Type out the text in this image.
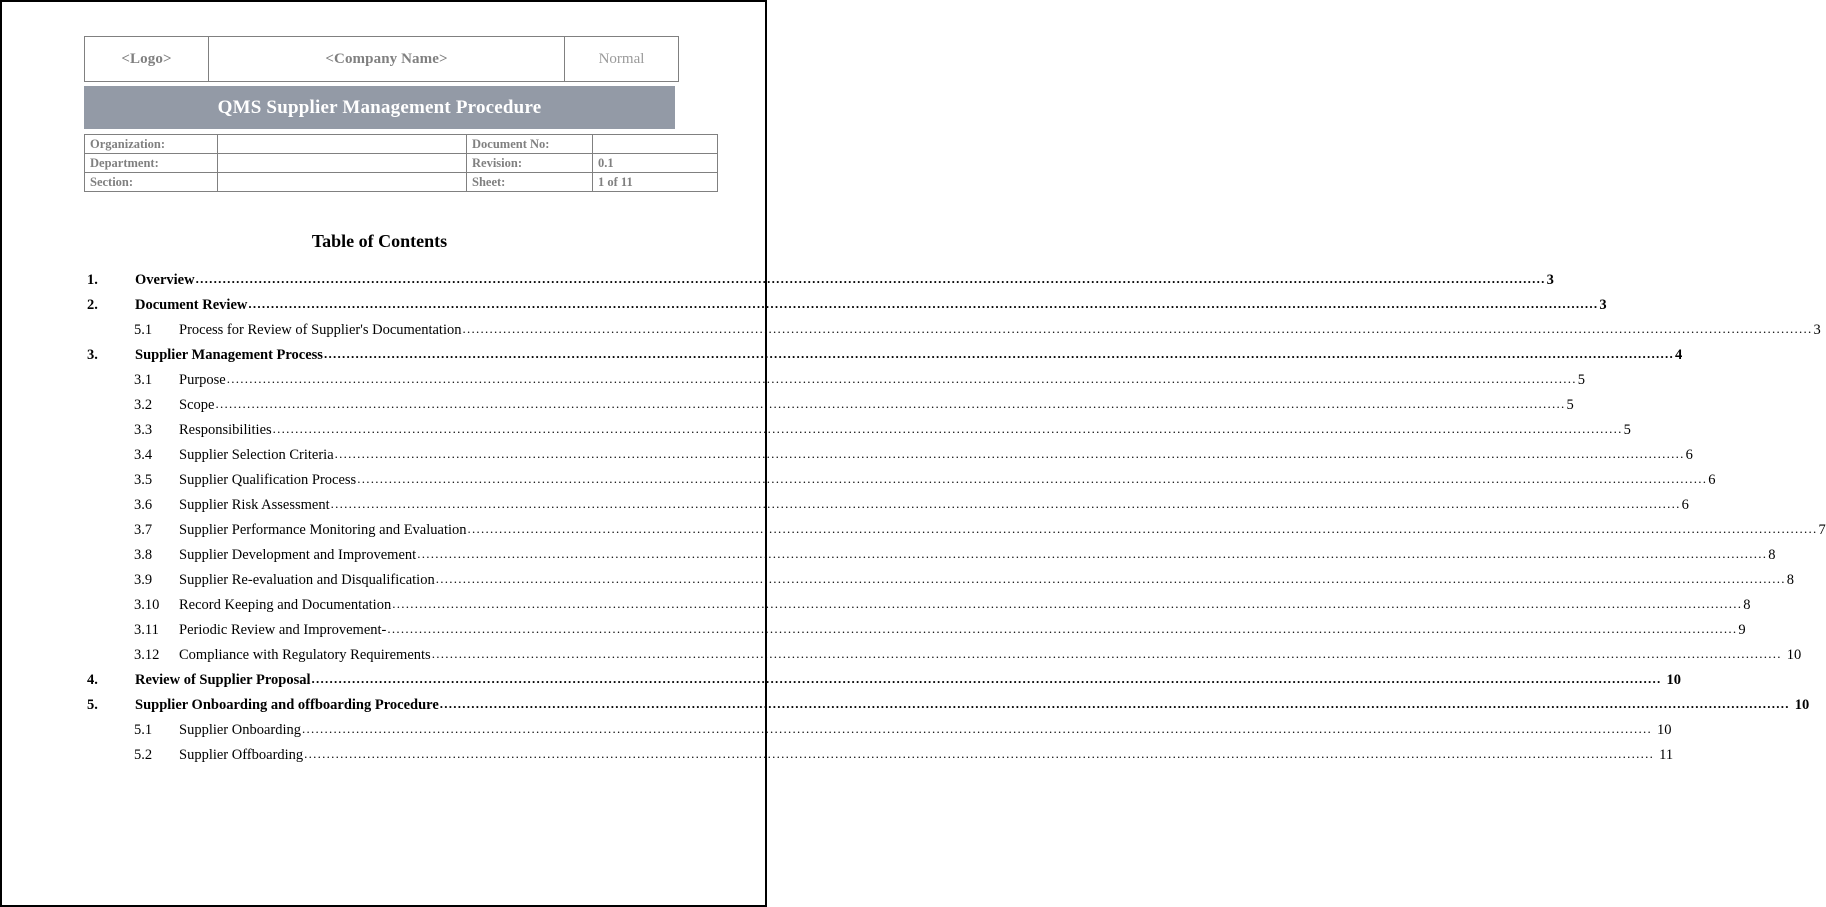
<Logo>	<Company Name>	Normal
QMS Supplier Management Procedure
Organization:		Document No:	
Department:		Revision:	0.1
Section:		Sheet:	1 of 11
Table of Contents
1.	Overview ............................................................................................................................................................................................................................................................................................................ 3
2.	Document Review ............................................................................................................................................................................................................................................................................................................ 3
5.1	Process for Review of Supplier's Documentation ............................................................................................................................................................................................................................................................................................................ 3
3.	Supplier Management Process ............................................................................................................................................................................................................................................................................................................ 4
3.1	Purpose ............................................................................................................................................................................................................................................................................................................ 5
3.2	Scope ............................................................................................................................................................................................................................................................................................................ 5
3.3	Responsibilities ............................................................................................................................................................................................................................................................................................................ 5
3.4	Supplier Selection Criteria ............................................................................................................................................................................................................................................................................................................ 6
3.5	Supplier Qualification Process ............................................................................................................................................................................................................................................................................................................ 6
3.6	Supplier Risk Assessment ............................................................................................................................................................................................................................................................................................................ 6
3.7	Supplier Performance Monitoring and Evaluation ............................................................................................................................................................................................................................................................................................................ 7
3.8	Supplier Development and Improvement ............................................................................................................................................................................................................................................................................................................ 8
3.9	Supplier Re-evaluation and Disqualification ............................................................................................................................................................................................................................................................................................................ 8
3.10	Record Keeping and Documentation ............................................................................................................................................................................................................................................................................................................ 8
3.11	Periodic Review and Improvement- ............................................................................................................................................................................................................................................................................................................ 9
3.12	Compliance with Regulatory Requirements ............................................................................................................................................................................................................................................................................................................ 10
4.	Review of Supplier Proposal ............................................................................................................................................................................................................................................................................................................ 10
5.	Supplier Onboarding and offboarding Procedure ............................................................................................................................................................................................................................................................................................................ 10
5.1	Supplier Onboarding ............................................................................................................................................................................................................................................................................................................ 10
5.2	Supplier Offboarding ............................................................................................................................................................................................................................................................................................................ 11
